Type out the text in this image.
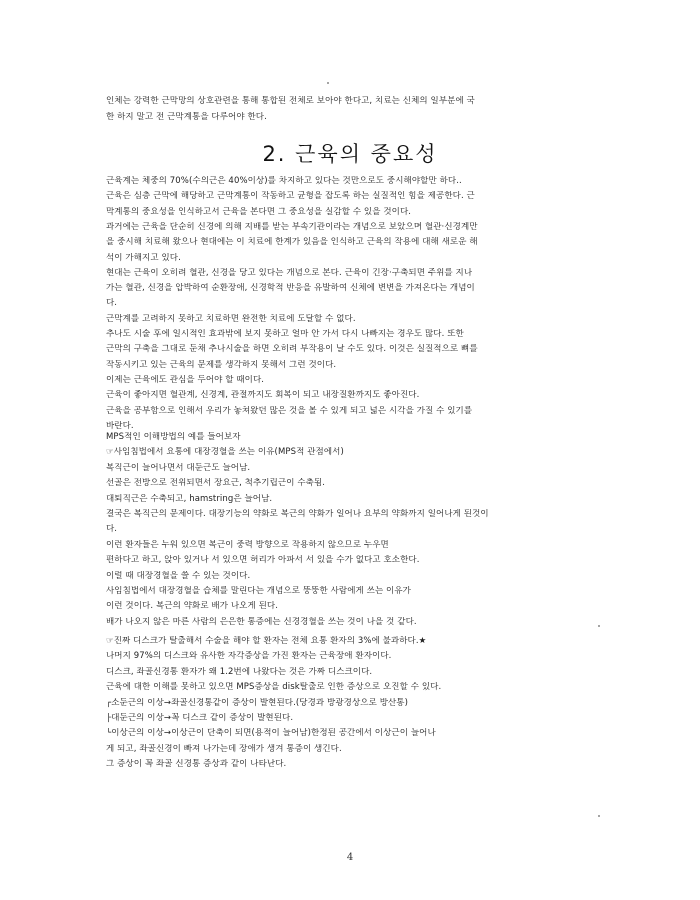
인체는 강력한 근막망의 상호관련을 통해 통합된 전체로 보아야 한다고, 치료는 신체의 일부분에 국
한 하지 말고 전 근막계통을 다루어야 한다.
2. 근육의 중요성
근육계는 체중의 70%(수의근은 40%이상)를 차지하고 있다는 것만으로도 중시해야할만 하다..
근육은 심층 근막에 해당하고 근막계통이 작동하고 균형을 잡도록 하는 실질적인 힘을 제공한다. 근
막계통의 중요성을 인식하고서 근육을 본다면 그 중요성을 실감할 수 있을 것이다.
과거에는 근육을 단순히 신경에 의해 지배를 받는 부속기관이라는 개념으로 보았으며 혈관·신경계만
을 중시해 치료해 왔으나 현대에는 이 치료에 한계가 있음을 인식하고 근육의 작용에 대해 새로운 해
석이 가해지고 있다.
현대는 근육이 오히려 혈관, 신경을 당고 있다는 개념으로 본다. 근육이 긴장·구축되면 주위를 지나
가는 혈관, 신경을 압박하여 순환장애, 신경학적 반응을 유발하여 신체에 변변을 가져온다는 개념이
다.
근막계를 고려하지 못하고 치료하면 완전한 치료에 도달할 수 없다.
추나도 시술 후에 일시적인 효과밖에 보지 못하고 얼마 안 가서 다시 나빠지는 경우도 많다. 또한
근막의 구축을 그대로 둔채 추나시술을 하면 오히려 부작용이 날 수도 있다. 이것은 실질적으로 뼈를
작동시키고 있는 근육의 문제를 생각하지 못해서 그런 것이다.
이제는 근육에도 관심을 두어야 할 때이다.
근육이 좋아지면 혈관계, 신경계, 관절까지도 회복이 되고 내장질환까지도 좋아진다.
근육을 공부함으로 인해서 우리가 놓쳐왔던 많은 것을 볼 수 있게 되고 넓은 시각을 가질 수 있기를
바란다.
MPS적인 이해방법의 예를 들어보자
☞사임침법에서 요통에 대장경혈을 쓰는 이유(MPS적 관점에서)
복직근이 늘어나면서 대둔근도 늘어남.
선골은 전방으로 전위되면서 장요근, 척추기립근이 수축됨.
대퇴직근은 수축되고, hamstring은 늘어남.
결국은 복직근의 문제이다. 대장기능의 약화로 복근의 약화가 일어나 요부의 약화까지 일어나게 된것이
다.
이런 환자들은 누워 있으면 복근이 중력 방향으로 작용하지 않으므로 누우면
편하다고 하고, 앉아 있거나 서 있으면 허리가 아파서 서 있을 수가 없다고 호소한다.
이럴 때 대장경혈을 쓸 수 있는 것이다.
사임침법에서 대장경혈을 습체를 말린다는 개념으로 뚱뚱한 사람에게 쓰는 이유가
이런 것이다. 복근의 약화로 배가 나오게 된다.
배가 나오지 않은 마른 사람의 은은한 통증에는 신경경혈을 쓰는 것이 나을 것 같다.
☞진짜 디스크가 탈출해서 수술을 해야 할 환자는 전체 요통 환자의 3%에 불과하다.★
나머지 97%의 디스크와 유사한 자각증상을 가진 환자는 근육장애 환자이다.
디스크, 좌골신경통 환자가 왜 1.2번에 나왔다는 것은 가짜 디스크이다.
근육에 대한 이해를 못하고 있으면 MPS증상을 disk탈출로 인한 증상으로 오진할 수 있다.
┌소둔근의 이상→좌골신경통같이 증상이 발현된다.(당경과 방광경상으로 방산통)
├대둔근의 이상→꼭 디스크 같이 증상이 발현된다.
└이상근의 이상→이상근이 단축이 되면(용적이 늘어남)한정된 공간에서 이상근이 늘어나
게 되고, 좌골신경이 빠져 나가는데 장애가 생겨 통증이 생긴다.
그 증상이 꼭 좌골 신경통 증상과 같이 나타난다.
4
